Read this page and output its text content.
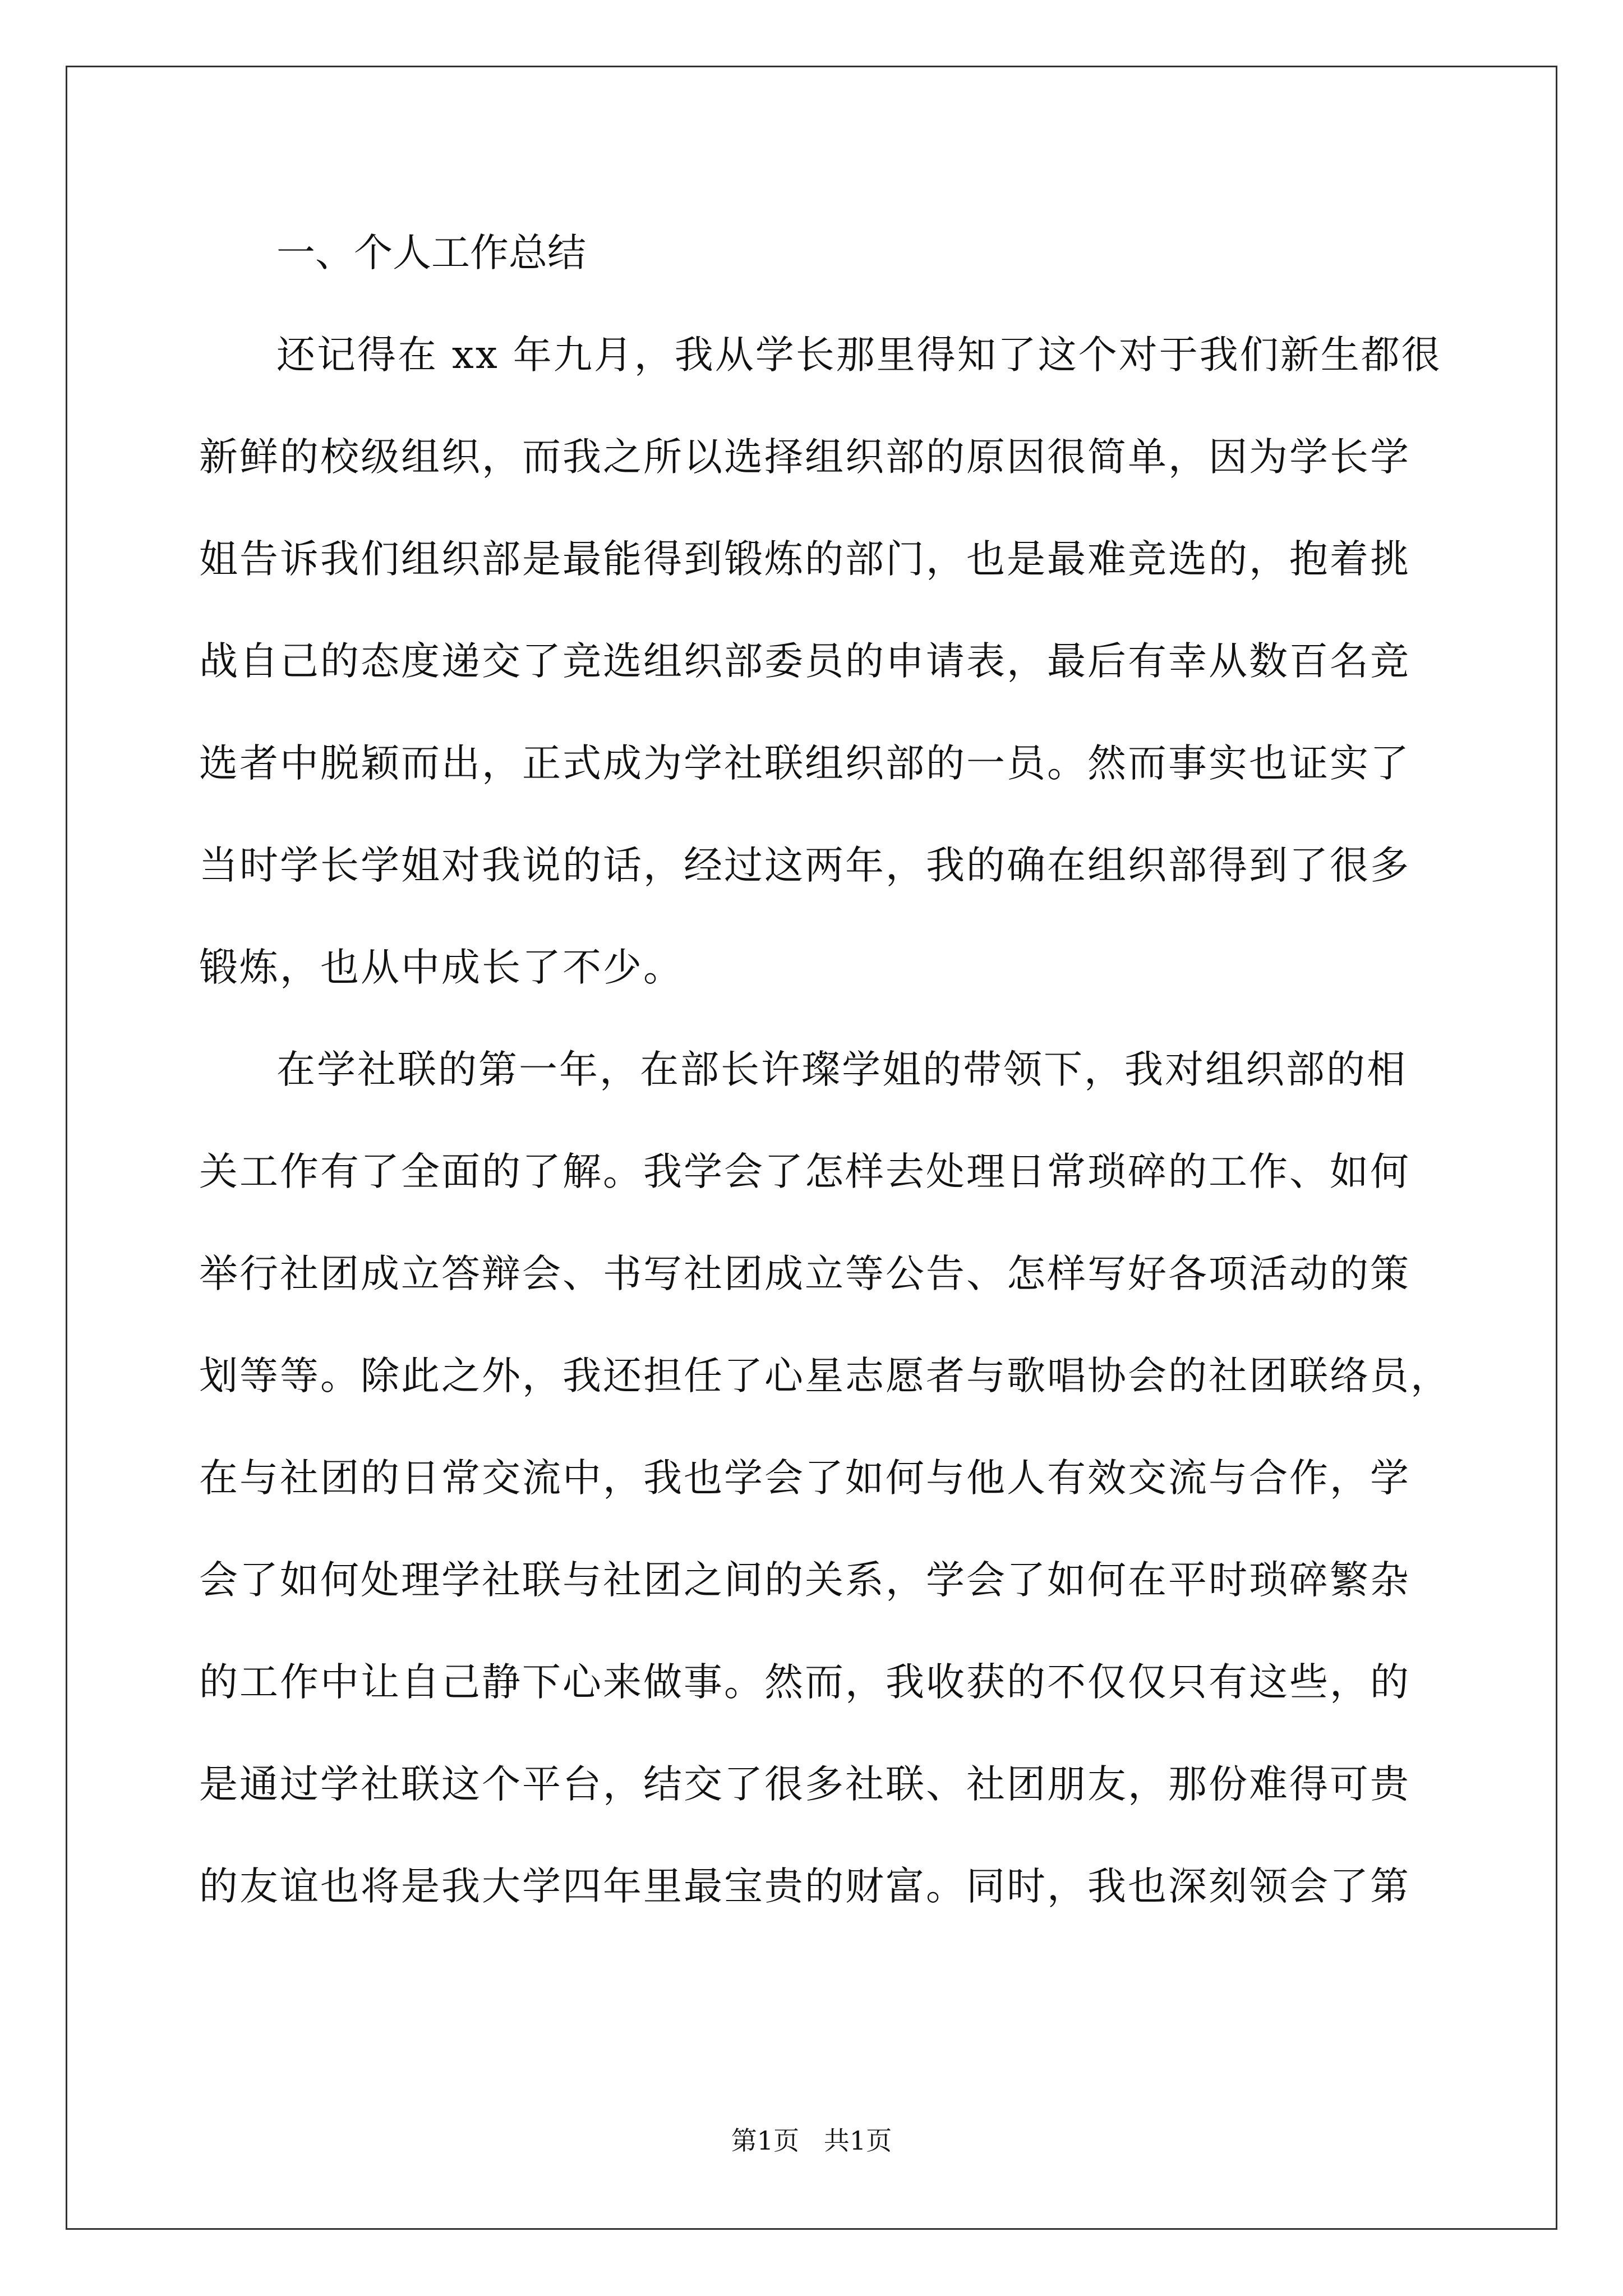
一、个人工作总结

还记得在 xx 年九月，我从学长那里得知了这个对于我们新生都很

新鲜的校级组织，而我之所以选择组织部的原因很简单，因为学长学

姐告诉我们组织部是最能得到锻炼的部门，也是最难竞选的，抱着挑

战自己的态度递交了竞选组织部委员的申请表，最后有幸从数百名竞

选者中脱颖而出，正式成为学社联组织部的一员。然而事实也证实了

当时学长学姐对我说的话，经过这两年，我的确在组织部得到了很多

锻炼，也从中成长了不少。

在学社联的第一年，在部长许璨学姐的带领下，我对组织部的相

关工作有了全面的了解。我学会了怎样去处理日常琐碎的工作、如何

举行社团成立答辩会、书写社团成立等公告、怎样写好各项活动的策

划等等。除此之外，我还担任了心星志愿者与歌唱协会的社团联络员，

在与社团的日常交流中，我也学会了如何与他人有效交流与合作，学

会了如何处理学社联与社团之间的关系，学会了如何在平时琐碎繁杂

的工作中让自己静下心来做事。然而，我收获的不仅仅只有这些，的

是通过学社联这个平台，结交了很多社联、社团朋友，那份难得可贵

的友谊也将是我大学四年里最宝贵的财富。同时，我也深刻领会了第

第1页   共1页
